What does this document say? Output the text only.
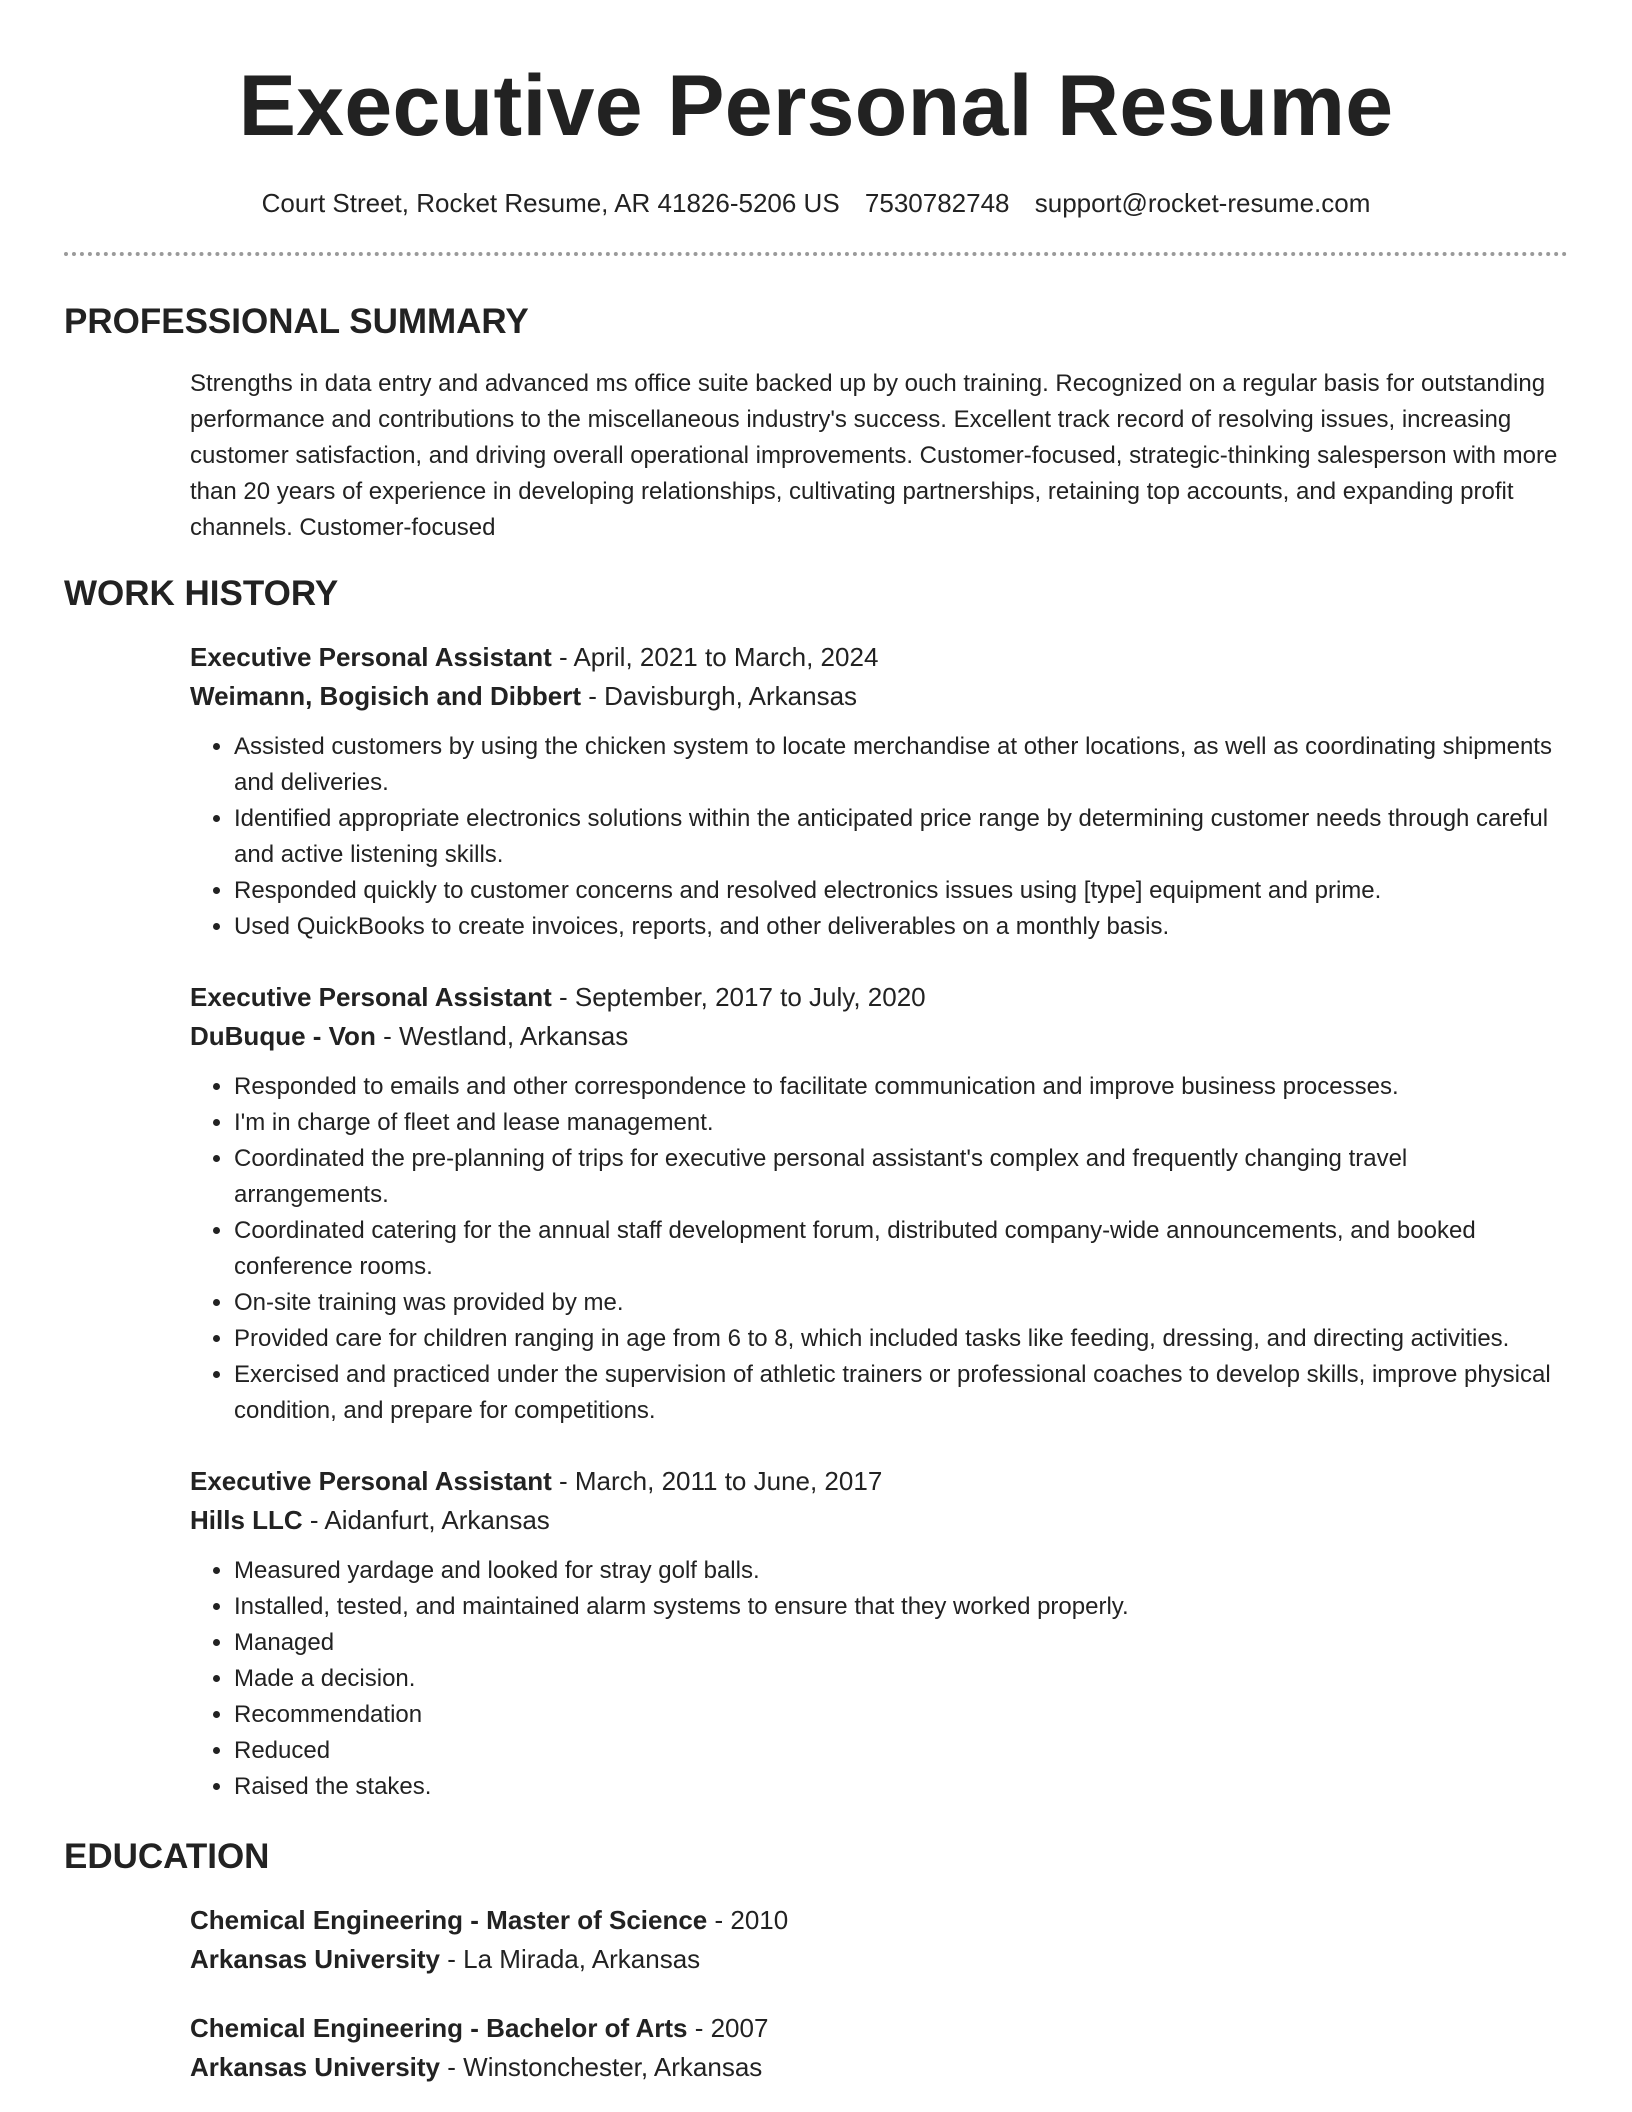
Executive Personal Resume
Court Street, Rocket Resume, AR 41826-5206 US 7530782748 support@rocket-resume.com
PROFESSIONAL SUMMARY
Strengths in data entry and advanced ms office suite backed up by ouch training. Recognized on a regular basis for outstanding performance and contributions to the miscellaneous industry's success. Excellent track record of resolving issues, increasing customer satisfaction, and driving overall operational improvements. Customer-focused, strategic-thinking salesperson with more than 20 years of experience in developing relationships, cultivating partnerships, retaining top accounts, and expanding profit channels. Customer-focused
WORK HISTORY
Executive Personal Assistant - April, 2021 to March, 2024
Weimann, Bogisich and Dibbert - Davisburgh, Arkansas
• Assisted customers by using the chicken system to locate merchandise at other locations, as well as coordinating shipments and deliveries.
• Identified appropriate electronics solutions within the anticipated price range by determining customer needs through careful and active listening skills.
• Responded quickly to customer concerns and resolved electronics issues using [type] equipment and prime.
• Used QuickBooks to create invoices, reports, and other deliverables on a monthly basis.
Executive Personal Assistant - September, 2017 to July, 2020
DuBuque - Von - Westland, Arkansas
• Responded to emails and other correspondence to facilitate communication and improve business processes.
• I'm in charge of fleet and lease management.
• Coordinated the pre-planning of trips for executive personal assistant's complex and frequently changing travel arrangements.
• Coordinated catering for the annual staff development forum, distributed company-wide announcements, and booked conference rooms.
• On-site training was provided by me.
• Provided care for children ranging in age from 6 to 8, which included tasks like feeding, dressing, and directing activities.
• Exercised and practiced under the supervision of athletic trainers or professional coaches to develop skills, improve physical condition, and prepare for competitions.
Executive Personal Assistant - March, 2011 to June, 2017
Hills LLC - Aidanfurt, Arkansas
• Measured yardage and looked for stray golf balls.
• Installed, tested, and maintained alarm systems to ensure that they worked properly.
• Managed
• Made a decision.
• Recommendation
• Reduced
• Raised the stakes.
EDUCATION
Chemical Engineering - Master of Science - 2010
Arkansas University - La Mirada, Arkansas
Chemical Engineering - Bachelor of Arts - 2007
Arkansas University - Winstonchester, Arkansas
